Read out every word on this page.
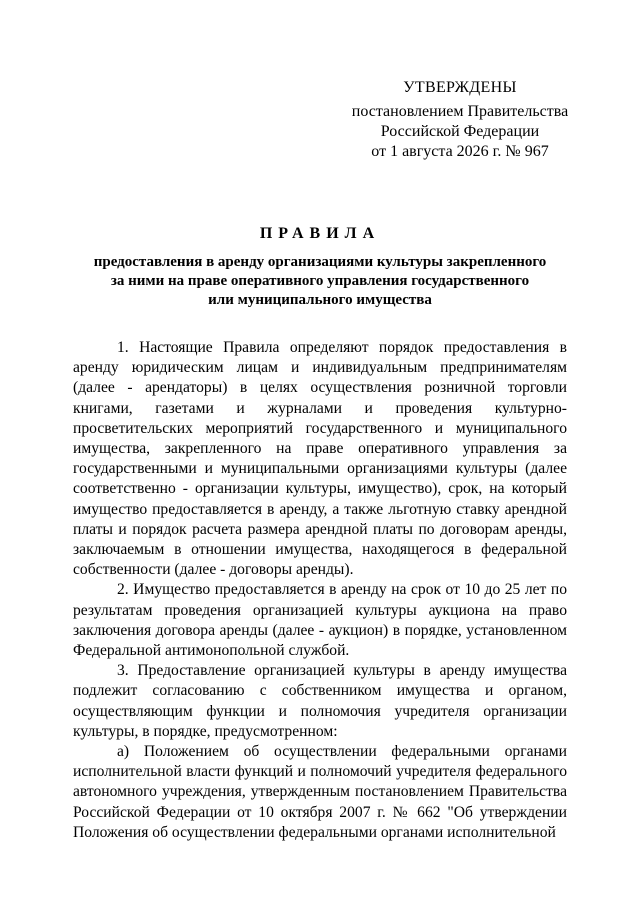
УТВЕРЖДЕНЫ
постановлением Правительства
Российской Федерации
от 1 августа 2026 г. № 967
ПРАВИЛА
предоставления в аренду организациями культуры закрепленного
за ними на праве оперативного управления государственного
или муниципального имущества

1. Настоящие Правила определяют порядок предоставления в аренду юридическим лицам и индивидуальным предпринимателям (далее - арендаторы) в целях осуществления розничной торговли книгами, газетами и журналами и проведения культурно-просветительских мероприятий государственного и муниципального имущества, закрепленного на праве оперативного управления за государственными и муниципальными организациями культуры (далее соответственно - организации культуры, имущество), срок, на который имущество предоставляется в аренду, а также льготную ставку арендной платы и порядок расчета размера арендной платы по договорам аренды, заключаемым в отношении имущества, находящегося в федеральной собственности (далее - договоры аренды).

2. Имущество предоставляется в аренду на срок от 10 до 25 лет по результатам проведения организацией культуры аукциона на право заключения договора аренды (далее - аукцион) в порядке, установленном Федеральной антимонопольной службой.

3. Предоставление организацией культуры в аренду имущества подлежит согласованию с собственником имущества и органом, осуществляющим функции и полномочия учредителя организации культуры, в порядке, предусмотренном:

а) Положением об осуществлении федеральными органами исполнительной власти функций и полномочий учредителя федерального автономного учреждения, утвержденным постановлением Правительства Российской Федерации от 10 октября 2007 г. № 662 "Об утверждении Положения об осуществлении федеральными органами исполнительной
